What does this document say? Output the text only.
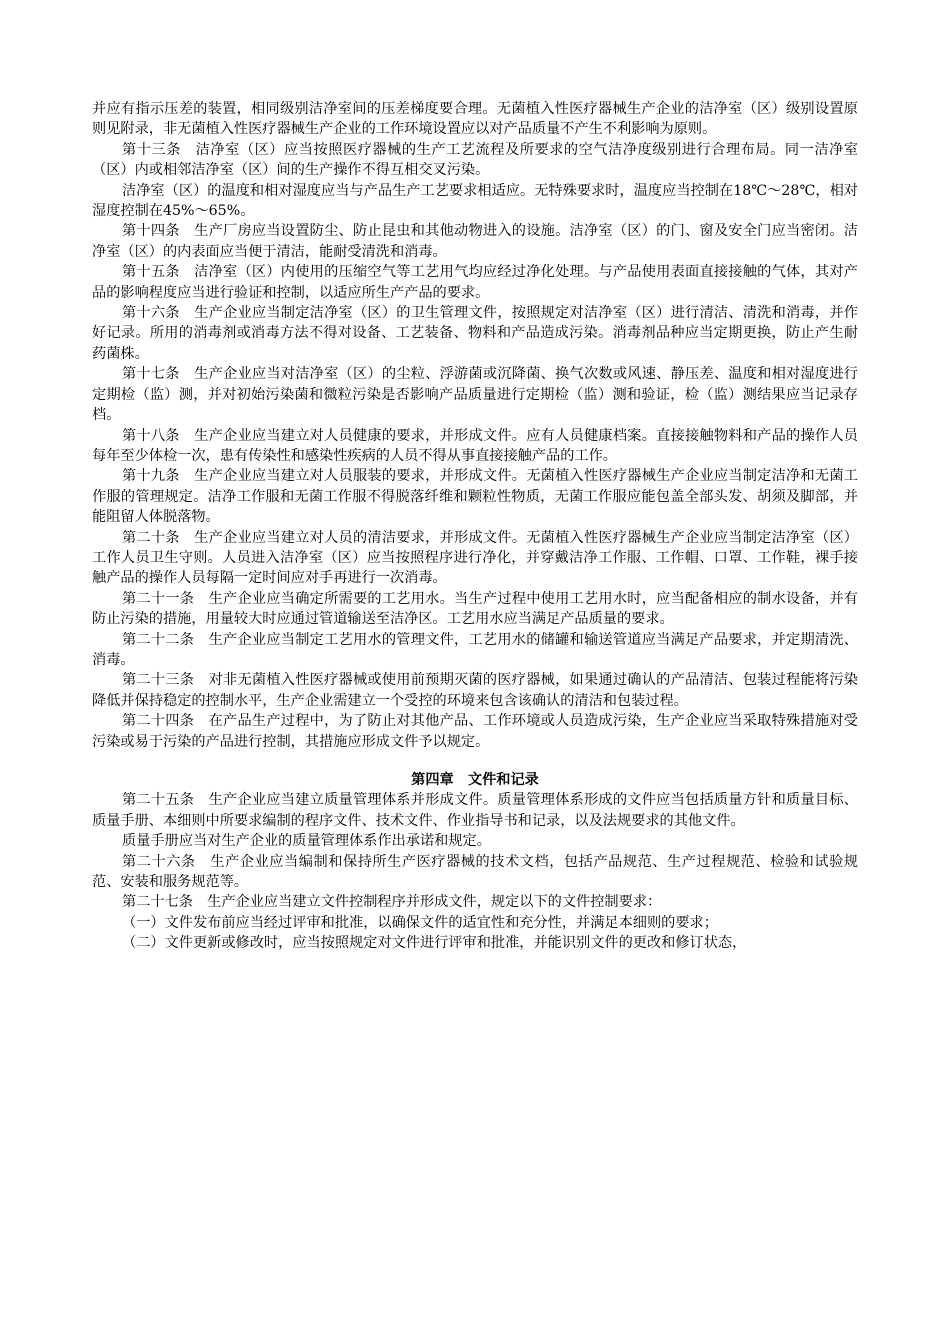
并应有指示压差的装置，相同级别洁净室间的压差梯度要合理。无菌植入性医疗器械生产企业的洁净室（区）级别设置原则见附录，非无菌植入性医疗器械生产企业的工作环境设置应以对产品质量不产生不利影响为原则。

第十三条　洁净室（区）应当按照医疗器械的生产工艺流程及所要求的空气洁净度级别进行合理布局。同一洁净室（区）内或相邻洁净室（区）间的生产操作不得互相交叉污染。

洁净室（区）的温度和相对湿度应当与产品生产工艺要求相适应。无特殊要求时，温度应当控制在18℃～28℃，相对湿度控制在45%～65%。

第十四条　生产厂房应当设置防尘、防止昆虫和其他动物进入的设施。洁净室（区）的门、窗及安全门应当密闭。洁净室（区）的内表面应当便于清洁，能耐受清洗和消毒。

第十五条　洁净室（区）内使用的压缩空气等工艺用气均应经过净化处理。与产品使用表面直接接触的气体，其对产品的影响程度应当进行验证和控制，以适应所生产产品的要求。

第十六条　生产企业应当制定洁净室（区）的卫生管理文件，按照规定对洁净室（区）进行清洁、清洗和消毒，并作好记录。所用的消毒剂或消毒方法不得对设备、工艺装备、物料和产品造成污染。消毒剂品种应当定期更换，防止产生耐药菌株。

第十七条　生产企业应当对洁净室（区）的尘粒、浮游菌或沉降菌、换气次数或风速、静压差、温度和相对湿度进行定期检（监）测，并对初始污染菌和微粒污染是否影响产品质量进行定期检（监）测和验证，检（监）测结果应当记录存档。

第十八条　生产企业应当建立对人员健康的要求，并形成文件。应有人员健康档案。直接接触物料和产品的操作人员每年至少体检一次，患有传染性和感染性疾病的人员不得从事直接接触产品的工作。

第十九条　生产企业应当建立对人员服装的要求，并形成文件。无菌植入性医疗器械生产企业应当制定洁净和无菌工作服的管理规定。洁净工作服和无菌工作服不得脱落纤维和颗粒性物质，无菌工作服应能包盖全部头发、胡须及脚部，并能阻留人体脱落物。

第二十条　生产企业应当建立对人员的清洁要求，并形成文件。无菌植入性医疗器械生产企业应当制定洁净室（区）工作人员卫生守则。人员进入洁净室（区）应当按照程序进行净化，并穿戴洁净工作服、工作帽、口罩、工作鞋，裸手接触产品的操作人员每隔一定时间应对手再进行一次消毒。

第二十一条　生产企业应当确定所需要的工艺用水。当生产过程中使用工艺用水时，应当配备相应的制水设备，并有防止污染的措施，用量较大时应通过管道输送至洁净区。工艺用水应当满足产品质量的要求。

第二十二条　生产企业应当制定工艺用水的管理文件，工艺用水的储罐和输送管道应当满足产品要求，并定期清洗、消毒。

第二十三条　对非无菌植入性医疗器械或使用前预期灭菌的医疗器械，如果通过确认的产品清洁、包装过程能将污染降低并保持稳定的控制水平，生产企业需建立一个受控的环境来包含该确认的清洁和包装过程。

第二十四条　在产品生产过程中，为了防止对其他产品、工作环境或人员造成污染，生产企业应当采取特殊措施对受污染或易于污染的产品进行控制，其措施应形成文件予以规定。

第四章　文件和记录

第二十五条　生产企业应当建立质量管理体系并形成文件。质量管理体系形成的文件应当包括质量方针和质量目标、质量手册、本细则中所要求编制的程序文件、技术文件、作业指导书和记录，以及法规要求的其他文件。

质量手册应当对生产企业的质量管理体系作出承诺和规定。

第二十六条　生产企业应当编制和保持所生产医疗器械的技术文档，包括产品规范、生产过程规范、检验和试验规范、安装和服务规范等。

第二十七条　生产企业应当建立文件控制程序并形成文件，规定以下的文件控制要求：

（一）文件发布前应当经过评审和批准，以确保文件的适宜性和充分性，并满足本细则的要求；

（二）文件更新或修改时，应当按照规定对文件进行评审和批准，并能识别文件的更改和修订状态，
